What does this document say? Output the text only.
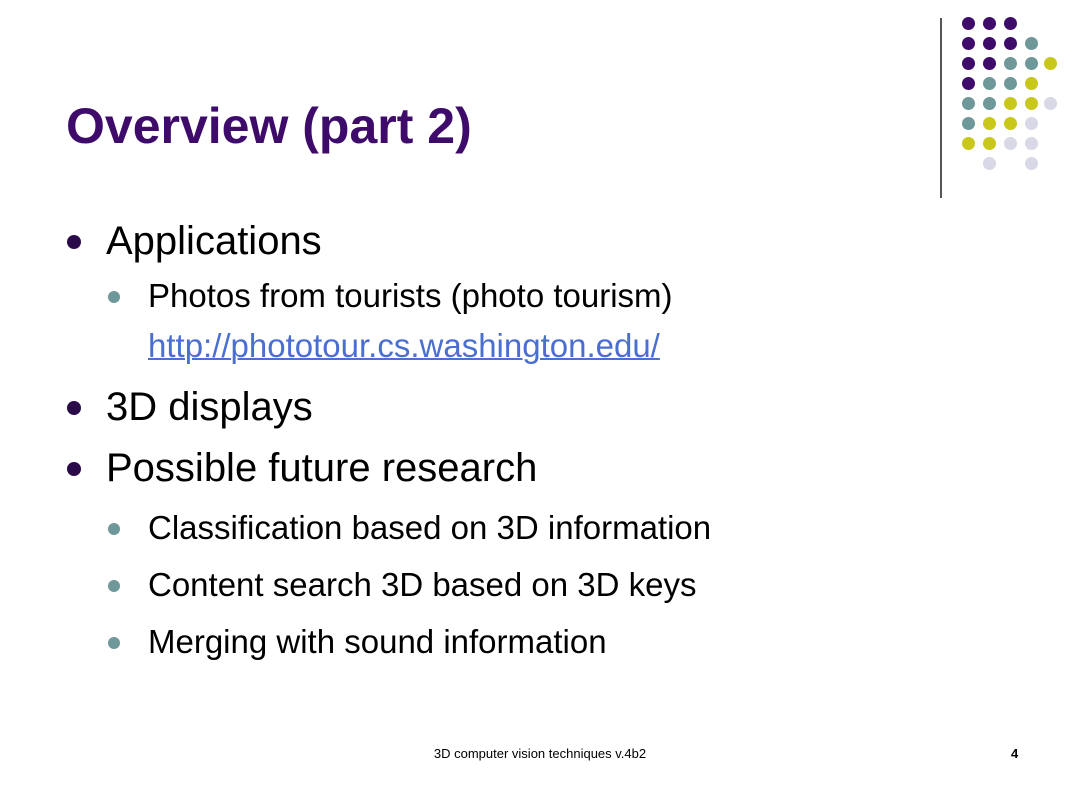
Overview (part 2)
Applications
Photos from tourists (photo tourism)
http://phototour.cs.washington.edu/
3D displays
Possible future research
Classification based on 3D information
Content search 3D based on 3D keys
Merging with sound information
3D computer vision techniques v.4b2	4
